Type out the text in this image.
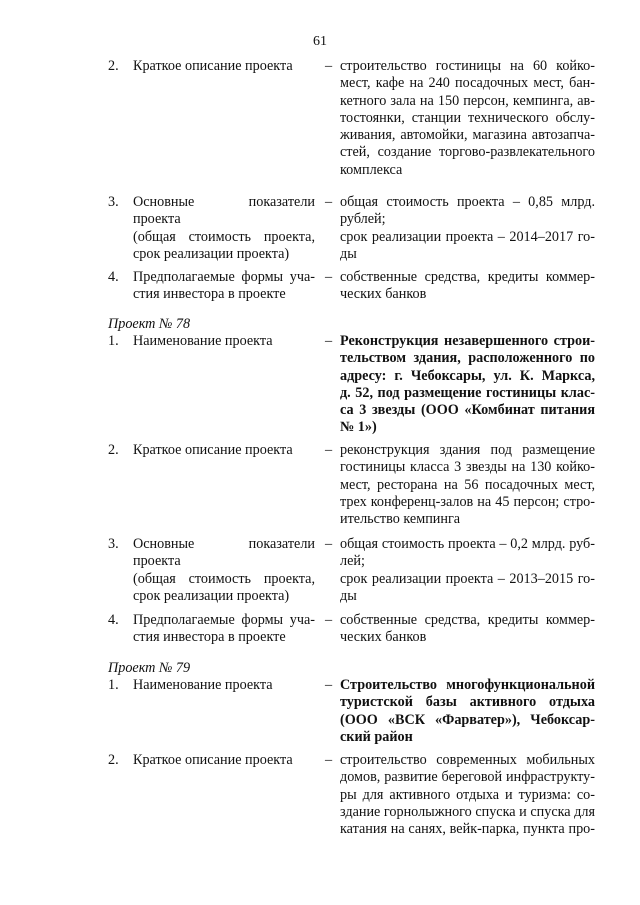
61
2. Краткое описание проекта	– строительство гостиницы на 60 койко-
мест, кафе на 240 посадочных мест, бан-
кетного зала на 150 персон, кемпинга, ав-
тостоянки, станции технического обслу-
живания, автомойки, магазина автозапча-
стей, создание торгово-развлекательного
комплекса
3. Основные показатели проекта
(общая стоимость проекта,
срок реализации проекта)
– общая стоимость проекта – 0,85 млрд.
рублей;
срок реализации проекта – 2014–2017 го-
ды
4. Предполагаемые формы уча-
стия инвестора в проекте
– собственные средства, кредиты коммер-
ческих банков
Проект № 78
1. Наименование проекта	– Реконструкция незавершенного строи-
тельством здания, расположенного по
адресу: г. Чебоксары, ул. К. Маркса,
д. 52, под размещение гостиницы клас-
са 3 звезды (ООО «Комбинат питания
№ 1»)
2. Краткое описание проекта	– реконструкция здания под размещение
гостиницы класса 3 звезды на 130 койко-
мест, ресторана на 56 посадочных мест,
трех конференц-залов на 45 персон; стро-
ительство кемпинга
3. Основные показатели проекта
(общая стоимость проекта,
срок реализации проекта)
– общая стоимость проекта – 0,2 млрд. руб-
лей;
срок реализации проекта – 2013–2015 го-
ды
4. Предполагаемые формы уча-
стия инвестора в проекте
– собственные средства, кредиты коммер-
ческих банков
Проект № 79
1. Наименование проекта	– Строительство многофункциональной
туристской базы активного отдыха
(ООО «ВСК «Фарватер»), Чебоксар-
ский район
2. Краткое описание проекта	– строительство современных мобильных
домов, развитие береговой инфраструкту-
ры для активного отдыха и туризма: со-
здание горнолыжного спуска и спуска для
катания на санях, вейк-парка, пункта про-
